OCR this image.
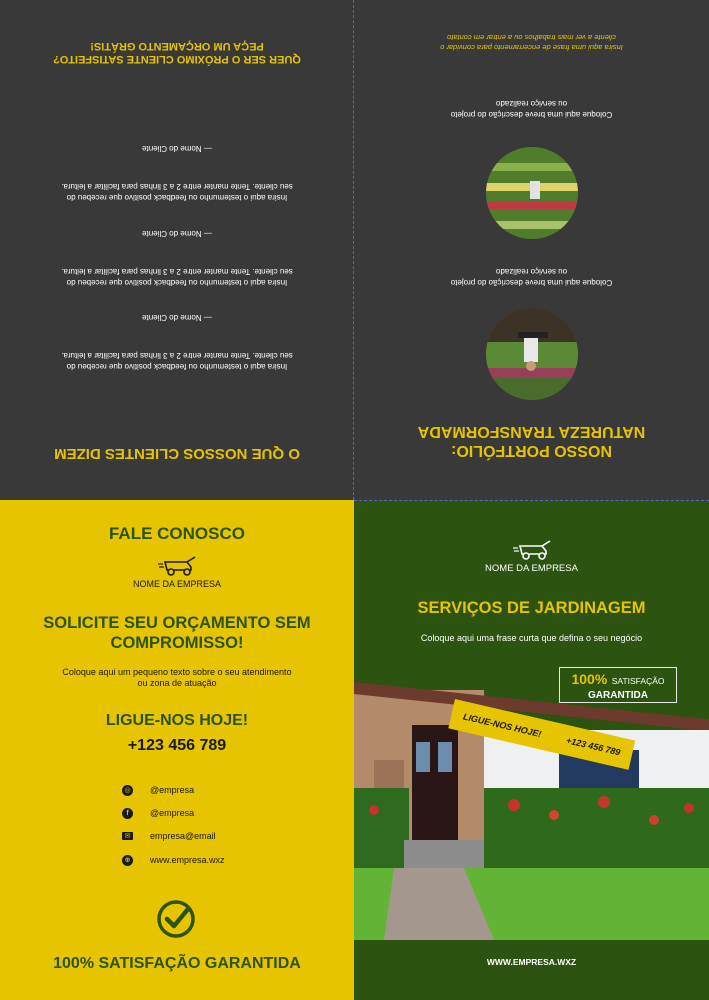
O QUE NOSSOS CLIENTES DIZEM
Insira aqui o testemunho ou feedback positivo que recebeu do
seu cliente. Tente manter entre 2 a 3 linhas para facilitar a leitura.
— Nome do Cliente
Insira aqui o testemunho ou feedback positivo que recebeu do
seu cliente. Tente manter entre 2 a 3 linhas para facilitar a leitura.
— Nome do Cliente
Insira aqui o testemunho ou feedback positivo que recebeu do
seu cliente. Tente manter entre 2 a 3 linhas para facilitar a leitura.
— Nome do Cliente
QUER SER O PRÓXIMO CLIENTE SATISFEITO?
PEÇA UM ORÇAMENTO GRÁTIS!
NOSSO PORTFÓLIO:
NATUREZA TRANSFORMADA
Coloque aqui uma breve descrição do projeto
ou serviço realizado
Coloque aqui uma breve descrição do projeto
ou serviço realizado
Insira aqui uma frase de encerramento para convidar o
cliente a ver mais trabalhos ou a entrar em contato
FALE CONOSCO
NOME DA EMPRESA
SOLICITE SEU ORÇAMENTO SEM
COMPROMISSO!
Coloque aqui um pequeno texto sobre o seu atendimento
ou zona de atuação
LIGUE-NOS HOJE!
+123 456 789
◎ @empresa
f	@empresa
✉ empresa@email
⊕ www.empresa.wxz
100% SATISFAÇÃO GARANTIDA
NOME DA EMPRESA
SERVIÇOS DE JARDINAGEM
Coloque aqui uma frase curta que defina o seu negócio
LIGUE-NOS HOJE!
+123 456 789
100% SATISFAÇÃO
GARANTIDA
WWW.EMPRESA.WXZ
